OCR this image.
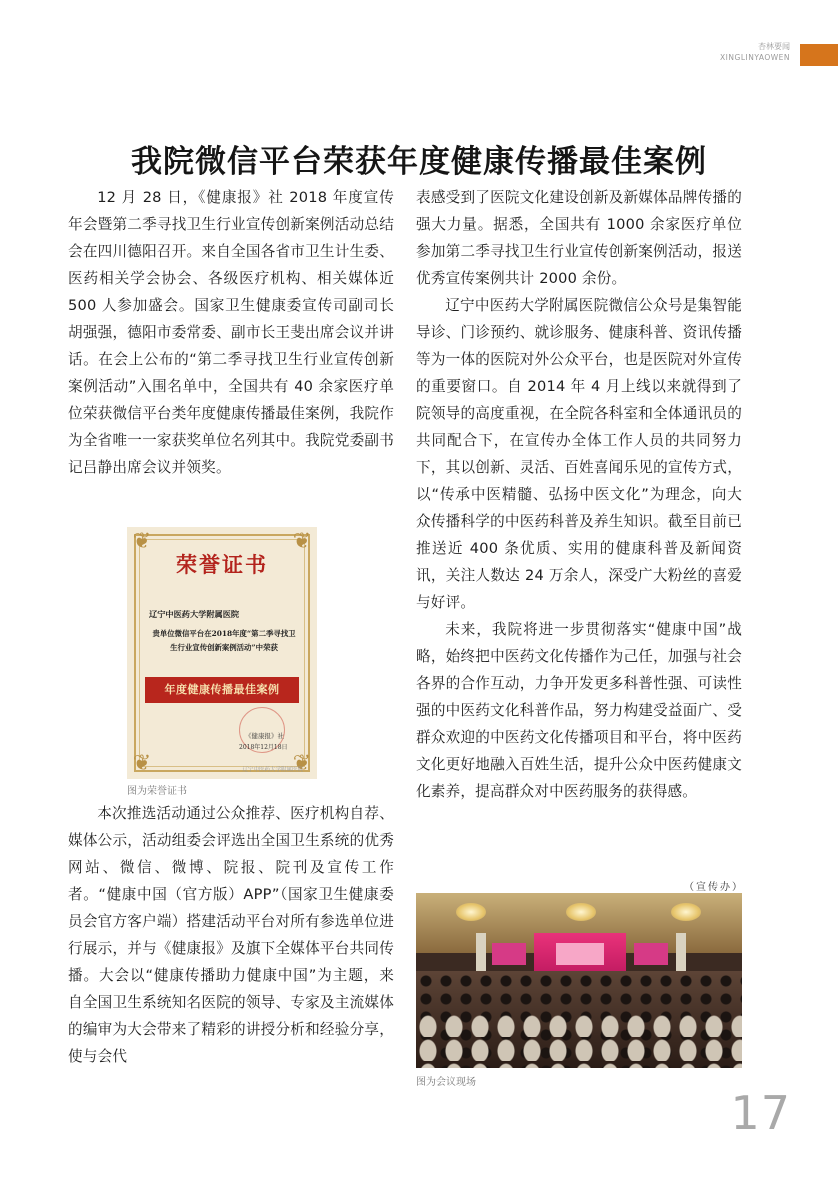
杏林要闻
XINGLINYAOWEN
我院微信平台荣获年度健康传播最佳案例

12 月 28 日，《健康报》社 2018 年度宣传年会暨第二季寻找卫生行业宣传创新案例活动总结会在四川德阳召开。来自全国各省市卫生计生委、医药相关学会协会、各级医疗机构、相关媒体近 500 人参加盛会。国家卫生健康委宣传司副司长胡强强，德阳市委常委、副市长王斐出席会议并讲话。在会上公布的“第二季寻找卫生行业宣传创新案例活动”入围名单中，全国共有 40 余家医疗单位荣获微信平台类年度健康传播最佳案例，我院作为全省唯一一家获奖单位名列其中。我院党委副书记吕静出席会议并领奖。

❦	❦
❦	❦
荣誉证书
辽宁中医药大学附属医院
贵单位微信平台在2018年度“第二季寻找卫生行业宣传创新案例活动”中荣获
年度健康传播最佳案例
《健康报》社
2018年12月18日
辽宁中医药大学附属医院
图为荣誉证书

本次推选活动通过公众推荐、医疗机构自荐、媒体公示，活动组委会评选出全国卫生系统的优秀网站、微信、微博、院报、院刊及宣传工作者。“健康中国（官方版）APP”（国家卫生健康委员会官方客户端）搭建活动平台对所有参选单位进行展示，并与《健康报》及旗下全媒体平台共同传播。大会以“健康传播助力健康中国”为主题，来自全国卫生系统知名医院的领导、专家及主流媒体的编审为大会带来了精彩的讲授分析和经验分享，使与会代

表感受到了医院文化建设创新及新媒体品牌传播的强大力量。据悉，全国共有 1000 余家医疗单位参加第二季寻找卫生行业宣传创新案例活动，报送优秀宣传案例共计 2000 余份。

辽宁中医药大学附属医院微信公众号是集智能导诊、门诊预约、就诊服务、健康科普、资讯传播等为一体的医院对外公众平台，也是医院对外宣传的重要窗口。自 2014 年 4 月上线以来就得到了院领导的高度重视，在全院各科室和全体通讯员的共同配合下，在宣传办全体工作人员的共同努力下，其以创新、灵活、百姓喜闻乐见的宣传方式，以“传承中医精髓、弘扬中医文化”为理念，向大众传播科学的中医药科普及养生知识。截至目前已推送近 400 条优质、实用的健康科普及新闻资讯，关注人数达 24 万余人，深受广大粉丝的喜爱与好评。

未来，我院将进一步贯彻落实“健康中国”战略，始终把中医药文化传播作为己任，加强与社会各界的合作互动，力争开发更多科普性强、可读性强的中医药文化科普作品，努力构建受益面广、受群众欢迎的中医药文化传播项目和平台，将中医药文化更好地融入百姓生活，提升公众中医药健康文化素养，提高群众对中医药服务的获得感。

（宣传办）
图为会议现场
17
